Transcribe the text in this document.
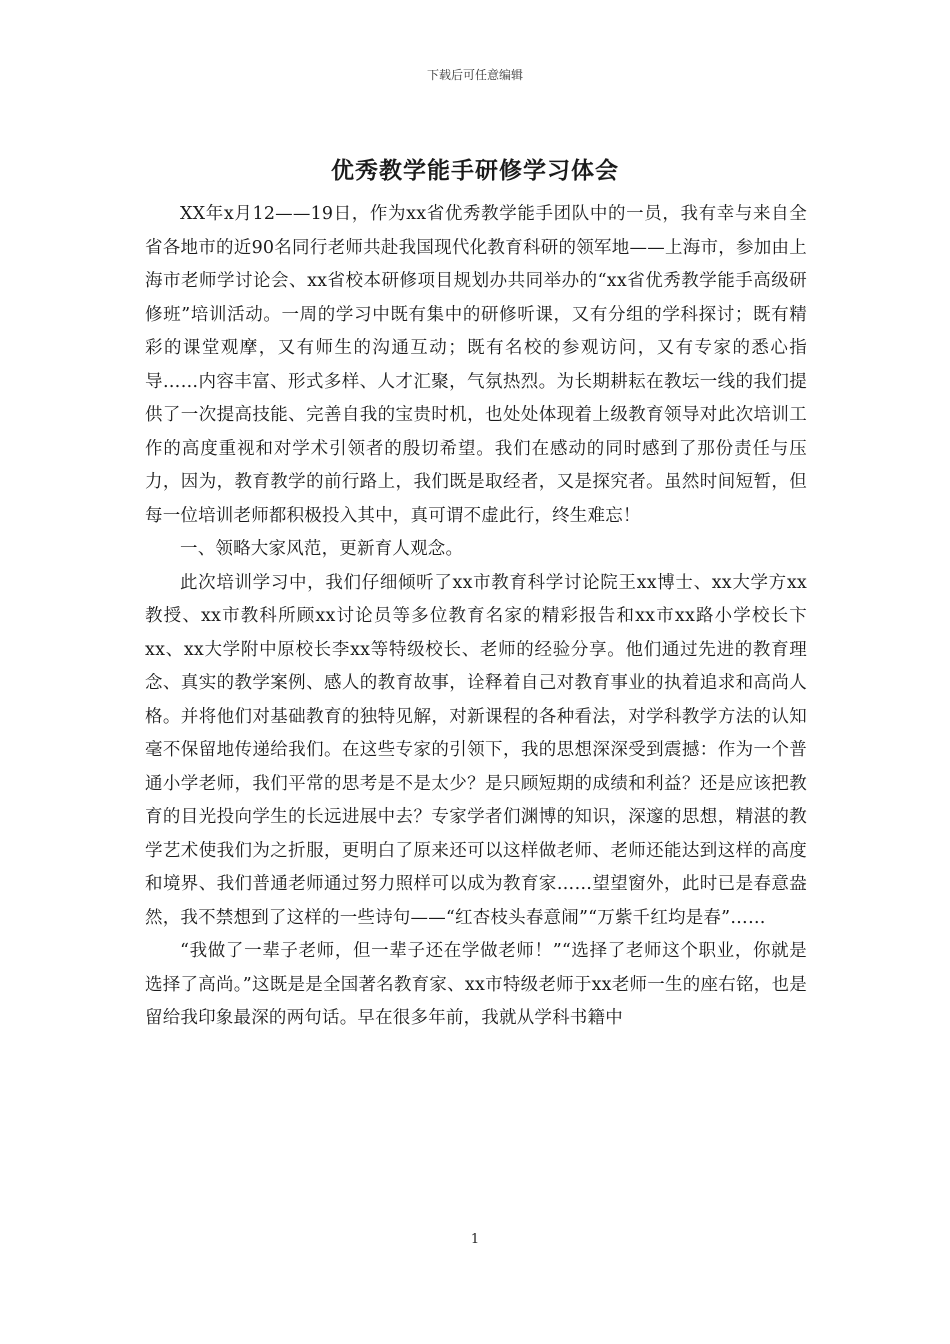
下载后可任意编辑
优秀教学能手研修学习体会

XX年x月12——19日，作为xx省优秀教学能手团队中的一员，我有幸与来自全省各地市的近90名同行老师共赴我国现代化教育科研的领军地——上海市，参加由上海市老师学讨论会、xx省校本研修项目规划办共同举办的“xx省优秀教学能手高级研修班”培训活动。一周的学习中既有集中的研修听课，又有分组的学科探讨；既有精彩的课堂观摩，又有师生的沟通互动；既有名校的参观访问，又有专家的悉心指导……内容丰富、形式多样、人才汇聚，气氛热烈。为长期耕耘在教坛一线的我们提供了一次提高技能、完善自我的宝贵时机，也处处体现着上级教育领导对此次培训工作的高度重视和对学术引领者的殷切希望。我们在感动的同时感到了那份责任与压力，因为，教育教学的前行路上，我们既是取经者，又是探究者。虽然时间短暂，但每一位培训老师都积极投入其中，真可谓不虚此行，终生难忘！

一、领略大家风范，更新育人观念。

此次培训学习中，我们仔细倾听了xx市教育科学讨论院王xx博士、xx大学方xx教授、xx市教科所顾xx讨论员等多位教育名家的精彩报告和xx市xx路小学校长卞xx、xx大学附中原校长李xx等特级校长、老师的经验分享。他们通过先进的教育理念、真实的教学案例、感人的教育故事，诠释着自己对教育事业的执着追求和高尚人格。并将他们对基础教育的独特见解，对新课程的各种看法，对学科教学方法的认知毫不保留地传递给我们。在这些专家的引领下，我的思想深深受到震撼：作为一个普通小学老师，我们平常的思考是不是太少？是只顾短期的成绩和利益？还是应该把教育的目光投向学生的长远进展中去？专家学者们渊博的知识，深邃的思想，精湛的教学艺术使我们为之折服，更明白了原来还可以这样做老师、老师还能达到这样的高度和境界、我们普通老师通过努力照样可以成为教育家……望望窗外，此时已是春意盎然，我不禁想到了这样的一些诗句——“红杏枝头春意闹”“万紫千红均是春”……

“我做了一辈子老师，但一辈子还在学做老师！”“选择了老师这个职业，你就是选择了高尚。”这既是是全国著名教育家、xx市特级老师于xx老师一生的座右铭，也是留给我印象最深的两句话。早在很多年前，我就从学科书籍中

1
